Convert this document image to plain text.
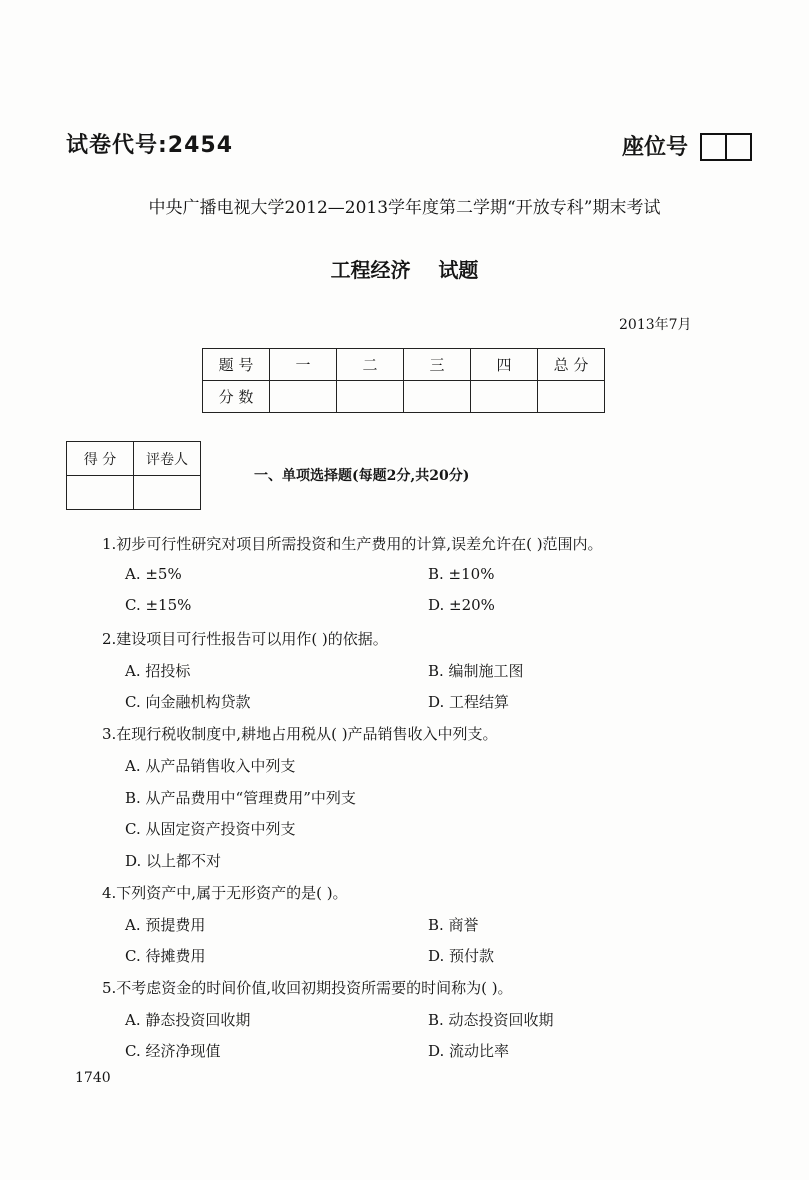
试卷代号:2454	座位号
中央广播电视大学2012—2013学年度第二学期“开放专科”期末考试
工程经济    试题
2013年7月
题 号	一	二	三	四	总 分
分 数					
得 分	评卷人

一、单项选择题(每题2分,共20分)
1.初步可行性研究对项目所需投资和生产费用的计算,误差允许在( )范围内。
A. ±5%	B. ±10%
C. ±15%	D. ±20%
2.建设项目可行性报告可以用作( )的依据。
A. 招投标	B. 编制施工图
C. 向金融机构贷款	D. 工程结算
3.在现行税收制度中,耕地占用税从( )产品销售收入中列支。
A. 从产品销售收入中列支
B. 从产品费用中“管理费用”中列支
C. 从固定资产投资中列支
D. 以上都不对
4.下列资产中,属于无形资产的是( )。
A. 预提费用	B. 商誉
C. 待摊费用	D. 预付款
5.不考虑资金的时间价值,收回初期投资所需要的时间称为( )。
A. 静态投资回收期	B. 动态投资回收期
C. 经济净现值	D. 流动比率
1740
